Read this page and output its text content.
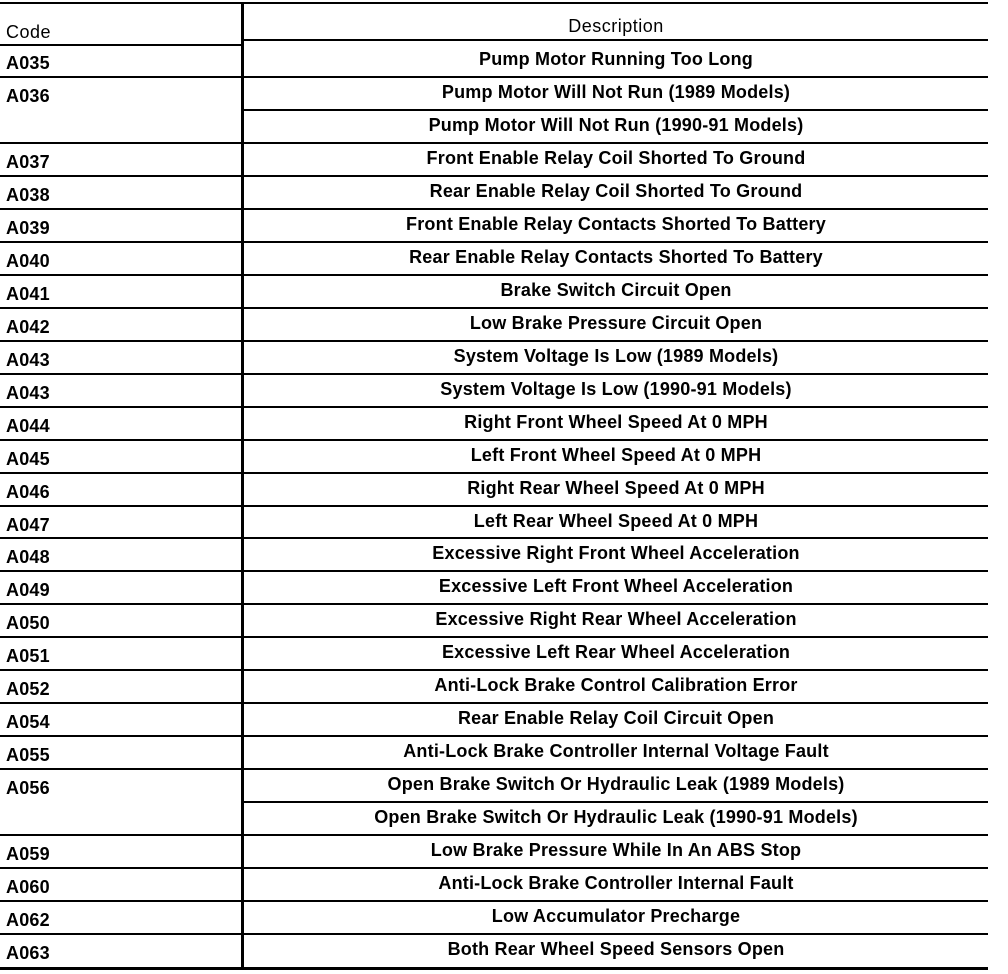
Code	Description
A035	Pump Motor Running Too Long
A036	Pump Motor Will Not Run (1989 Models)
Pump Motor Will Not Run (1990-91 Models)
A037	Front Enable Relay Coil Shorted To Ground
A038	Rear Enable Relay Coil Shorted To Ground
A039	Front Enable Relay Contacts Shorted To Battery
A040	Rear Enable Relay Contacts Shorted To Battery
A041	Brake Switch Circuit Open
A042	Low Brake Pressure Circuit Open
A043	System Voltage Is Low (1989 Models)
A043	System Voltage Is Low (1990-91 Models)
A044	Right Front Wheel Speed At 0 MPH
A045	Left Front Wheel Speed At 0 MPH
A046	Right Rear Wheel Speed At 0 MPH
A047	Left Rear Wheel Speed At 0 MPH
A048	Excessive Right Front Wheel Acceleration
A049	Excessive Left Front Wheel Acceleration
A050	Excessive Right Rear Wheel Acceleration
A051	Excessive Left Rear Wheel Acceleration
A052	Anti-Lock Brake Control Calibration Error
A054	Rear Enable Relay Coil Circuit Open
A055	Anti-Lock Brake Controller Internal Voltage Fault
A056	Open Brake Switch Or Hydraulic Leak (1989 Models)
Open Brake Switch Or Hydraulic Leak (1990-91 Models)
A059	Low Brake Pressure While In An ABS Stop
A060	Anti-Lock Brake Controller Internal Fault
A062	Low Accumulator Precharge
A063	Both Rear Wheel Speed Sensors Open
